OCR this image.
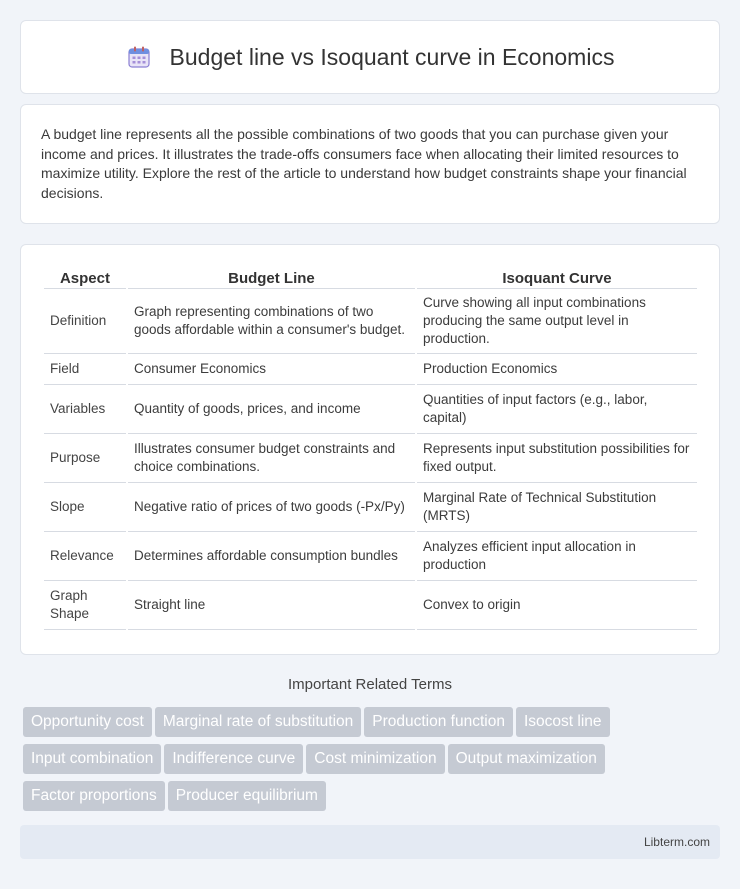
Budget line vs Isoquant curve in Economics

A budget line represents all the possible combinations of two goods that you can purchase given your income and prices. It illustrates the trade-offs consumers face when allocating their limited resources to maximize utility. Explore the rest of the article to understand how budget constraints shape your financial decisions.

Aspect	Budget Line	Isoquant Curve
Definition	Graph representing combinations of two goods affordable within a consumer's budget.	Curve showing all input combinations producing the same output level in production.
Field	Consumer Economics	Production Economics
Variables	Quantity of goods, prices, and income	Quantities of input factors (e.g., labor, capital)
Purpose	Illustrates consumer budget constraints and choice combinations.	Represents input substitution possibilities for fixed output.
Slope	Negative ratio of prices of two goods (-Px/Py)	Marginal Rate of Technical Substitution (MRTS)
Relevance	Determines affordable consumption bundles	Analyzes efficient input allocation in production
Graph Shape	Straight line	Convex to origin
Important Related Terms
Opportunity cost Marginal rate of substitution Production function Isocost line
Input combination Indifference curve Cost minimization Output maximization
Factor proportions Producer equilibrium
Libterm.com
